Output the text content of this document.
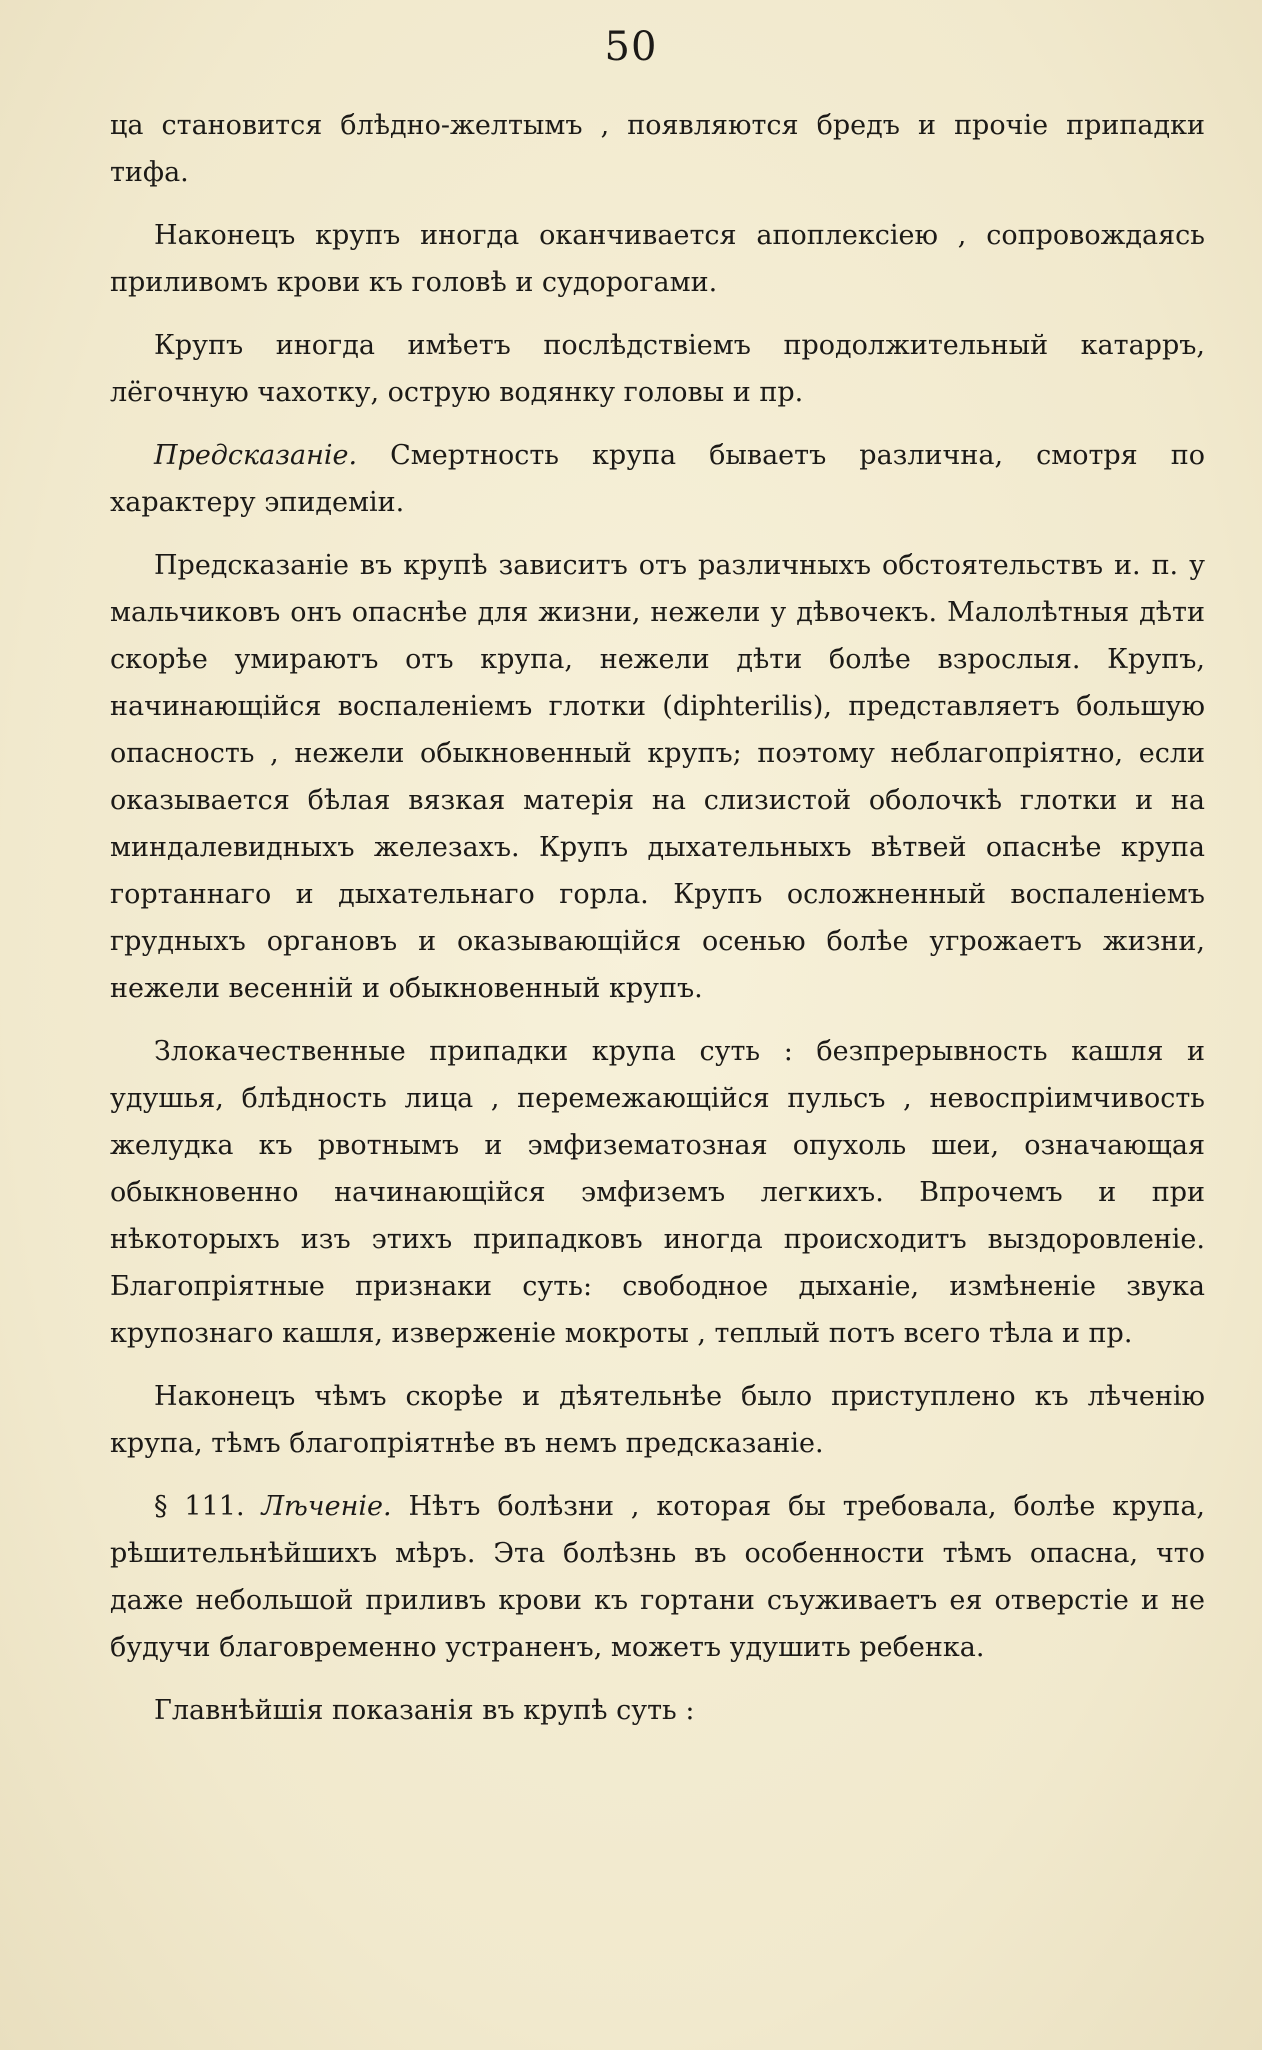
50

ца становится блѣдно-желтымъ , появляются бредъ и прочіе припадки тифа.

Наконецъ крупъ иногда оканчивается апоплексіею , сопровождаясь приливомъ крови къ головѣ и судорогами.

Крупъ иногда имѣетъ послѣдствіемъ продолжительный катарръ, лёгочную чахотку, острую водянку головы и пр.

Предсказаніе. Смертность крупа бываетъ различна, смотря по характеру эпидеміи.

Предсказаніе въ крупѣ зависитъ отъ различныхъ обстоятельствъ и. п. у мальчиковъ онъ опаснѣе для жизни, нежели у дѣвочекъ. Малолѣтныя дѣти скорѣе умираютъ отъ крупа, нежели дѣти болѣе взрослыя. Крупъ, начинающійся воспаленіемъ глотки (diphterilis), представляетъ большую опасность , нежели обыкновенный крупъ; поэтому неблагопріятно, если оказывается бѣлая вязкая матерія на слизистой оболочкѣ глотки и на миндалевидныхъ железахъ. Крупъ дыхательныхъ вѣтвей опаснѣе крупа гортаннаго и дыхательнаго горла. Крупъ осложненный воспаленіемъ грудныхъ органовъ и оказывающійся осенью болѣе угрожаетъ жизни, нежели весенній и обыкновенный крупъ.

Злокачественные припадки крупа суть : безпрерывность кашля и удушья, блѣдность лица , перемежающійся пульсъ , невоспріимчивость желудка къ рвотнымъ и эмфизематозная опухоль шеи, означающая обыкновенно начинающійся эмфиземъ легкихъ. Впрочемъ и при нѣкоторыхъ изъ этихъ припадковъ иногда происходитъ выздоровленіе. Благопріятные признаки суть: свободное дыханіе, измѣненіе звука крупознаго кашля, изверженіе мокроты , теплый потъ всего тѣла и пр.

Наконецъ чѣмъ скорѣе и дѣятельнѣе было приступлено къ лѣченію крупа, тѣмъ благопріятнѣе въ немъ предсказаніе.

§ 111. Лѣченіе. Нѣтъ болѣзни , которая бы требовала, болѣе крупа, рѣшительнѣйшихъ мѣръ. Эта болѣзнь въ особенности тѣмъ опасна, что даже небольшой приливъ крови къ гортани съуживаетъ ея отверстіе и не будучи благовременно устраненъ, можетъ удушить ребенка.

Главнѣйшія показанія въ крупѣ суть :
